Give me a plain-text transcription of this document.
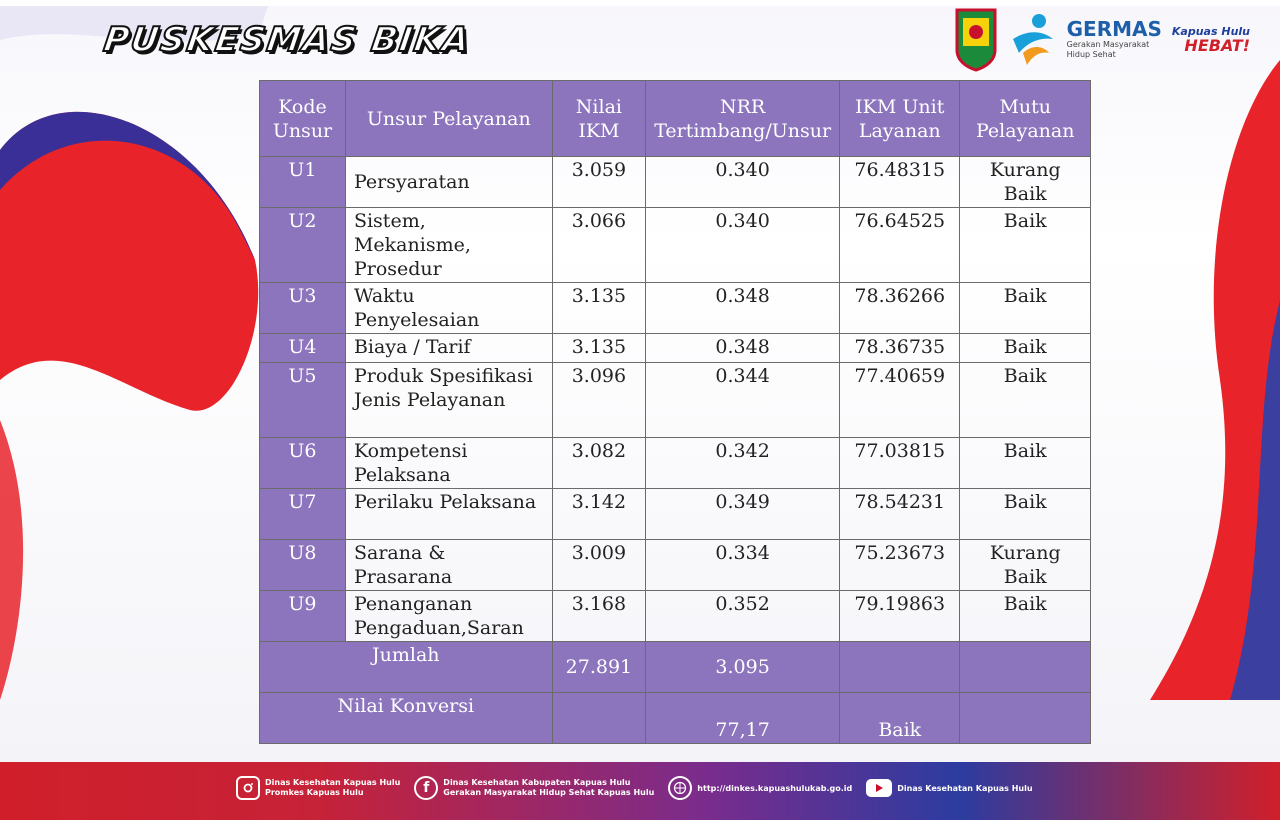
PUSKESMAS BIKA	GERMAS
Gerakan Masyarakat
Hidup Sehat
Kapuas Hulu
HEBAT!
Kode Unsur	Unsur Pelayanan	Nilai IKM	NRR Tertimbang/Unsur	IKM Unit Layanan	Mutu Pelayanan
U1	Persyaratan	3.059	0.340	76.48315	Kurang Baik
U2	Sistem, Mekanisme, Prosedur	3.066	0.340	76.64525	Baik
U3	Waktu Penyelesaian	3.135	0.348	78.36266	Baik
U4	Biaya / Tarif	3.135	0.348	78.36735	Baik
U5	Produk Spesifikasi Jenis Pelayanan	3.096	0.344	77.40659	Baik
U6	Kompetensi Pelaksana	3.082	0.342	77.03815	Baik
U7	Perilaku Pelaksana	3.142	0.349	78.54231	Baik
U8	Sarana & Prasarana	3.009	0.334	75.23673	Kurang Baik
U9	Penanganan Pengaduan,Saran	3.168	0.352	79.19863	Baik
Jumlah		27.891	3.095		
Nilai Konversi			77,17	Baik	
Dinas Kesehatan Kapuas Hulu
Promkes Kapuas Hulu	f	Dinas Kesehatan Kabupaten Kapuas Hulu
Gerakan Masyarakat Hidup Sehat Kapuas Hulu	http://dinkes.kapuashulukab.go.id	Dinas Kesehatan Kapuas Hulu
